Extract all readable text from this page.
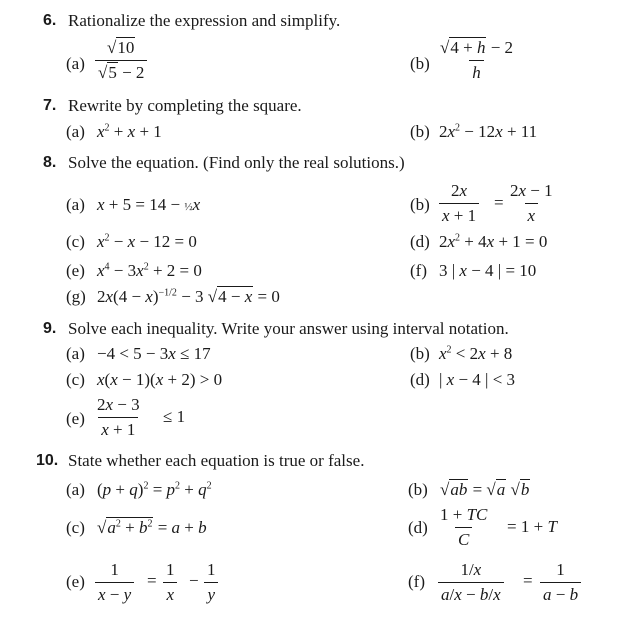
6. Rationalize the expression and simplify.
$(a) \frac{√10}{√5 - 2}$	$(b) \frac{√4 + h - 2}{h}$
7. Rewrite by completing the square.
(a) $x^2 + x + 1$	(b) $2x^2 - 12x + 11$
8. Solve the equation. (Find only the real solutions.)
(a) x + 5 = 14 − ½x	$(b) \frac{2x}{x + 1} = \frac{2x - 1}{x}$
(c) $x^2 - x - 12 = 0$	(d) $2x^2 + 4x + 1 = 0$
(e) $x^4 - 3x^2 + 2 = 0$	(f) 3 | x − 4 | = 10
(g) $2x(4 - x)^{-1/2} - 3$ √4 − x = 0
9. Solve each inequality. Write your answer using interval notation.
(a) −4 < 5 − 3x ≤ 17	(b) $x^2 < 2x + 8$
(c) x(x − 1)(x + 2) > 0	(d) | x − 4 | < 3
$(e) \frac{2x - 3}{x + 1} \le 1$
10. State whether each equation is true or false.
(a) $(p + q)^2 = p^2 + q^2$	(b) √ab = √a √b
(c) $√a^2 + b^2 = a + b$	$(d) \frac{1 + TC}{C} = 1 + T$
$(e) \frac{1}{x - y} = \frac{1}{x} - \frac{1}{y}$	$(f) \frac{1/x}{a/x - b/x} = \frac{1}{a - b}$
